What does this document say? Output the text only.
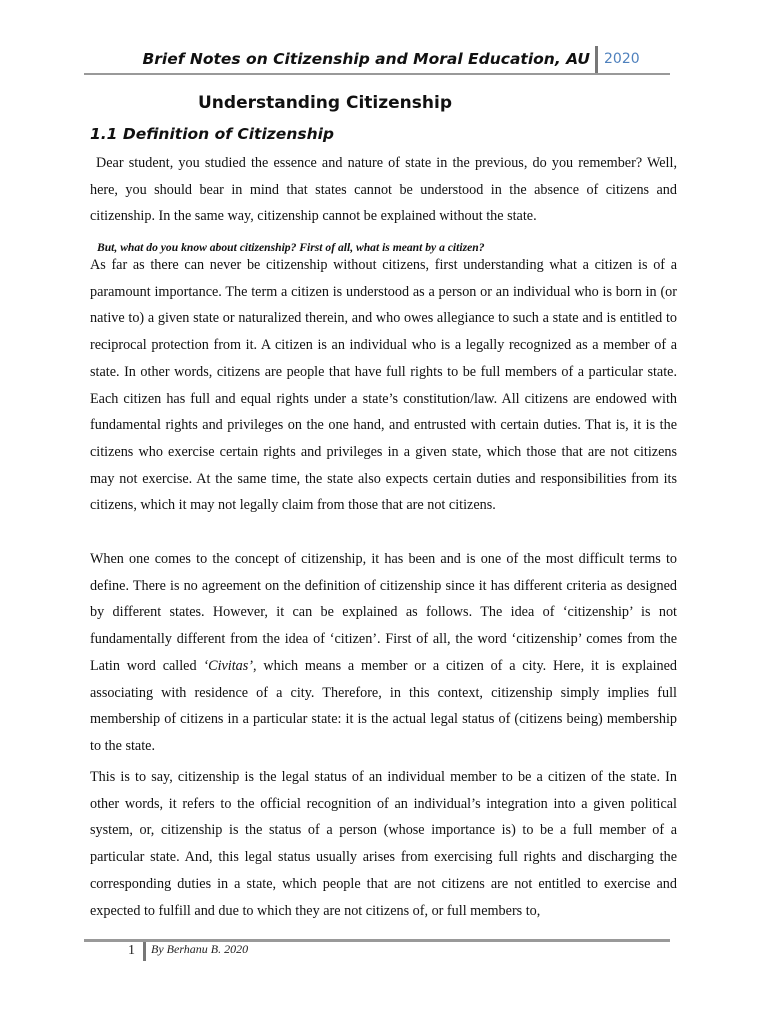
Brief Notes on Citizenship and Moral Education, AU 2020
Understanding Citizenship
1.1 Definition of Citizenship

Dear student, you studied the essence and nature of state in the previous, do you remember? Well, here, you should bear in mind that states cannot be understood in the absence of citizens and citizenship. In the same way, citizenship cannot be explained without the state.

But, what do you know about citizenship? First of all, what is meant by a citizen?

As far as there can never be citizenship without citizens, first understanding what a citizen is of a paramount importance. The term a citizen is understood as a person or an individual who is born in (or native to) a given state or naturalized therein, and who owes allegiance to such a state and is entitled to reciprocal protection from it. A citizen is an individual who is a legally recognized as a member of a state. In other words, citizens are people that have full rights to be full members of a particular state. Each citizen has full and equal rights under a state’s constitution/law. All citizens are endowed with fundamental rights and privileges on the one hand, and entrusted with certain duties. That is, it is the citizens who exercise certain rights and privileges in a given state, which those that are not citizens may not exercise. At the same time, the state also expects certain duties and responsibilities from its citizens, which it may not legally claim from those that are not citizens.

When one comes to the concept of citizenship, it has been and is one of the most difficult terms to define. There is no agreement on the definition of citizenship since it has different criteria as designed by different states. However, it can be explained as follows. The idea of ‘citizenship’ is not fundamentally different from the idea of ‘citizen’. First of all, the word ‘citizenship’ comes from the Latin word called ‘Civitas’, which means a member or a citizen of a city. Here, it is explained associating with residence of a city. Therefore, in this context, citizenship simply implies full membership of citizens in a particular state: it is the actual legal status of (citizens being) membership to the state.

This is to say, citizenship is the legal status of an individual member to be a citizen of the state. In other words, it refers to the official recognition of an individual’s integration into a given political system, or, citizenship is the status of a person (whose importance is) to be a full member of a particular state. And, this legal status usually arises from exercising full rights and discharging the corresponding duties in a state, which people that are not citizens are not entitled to exercise and expected to fulfill and due to which they are not citizens of, or full members to,

1 By Berhanu B. 2020
